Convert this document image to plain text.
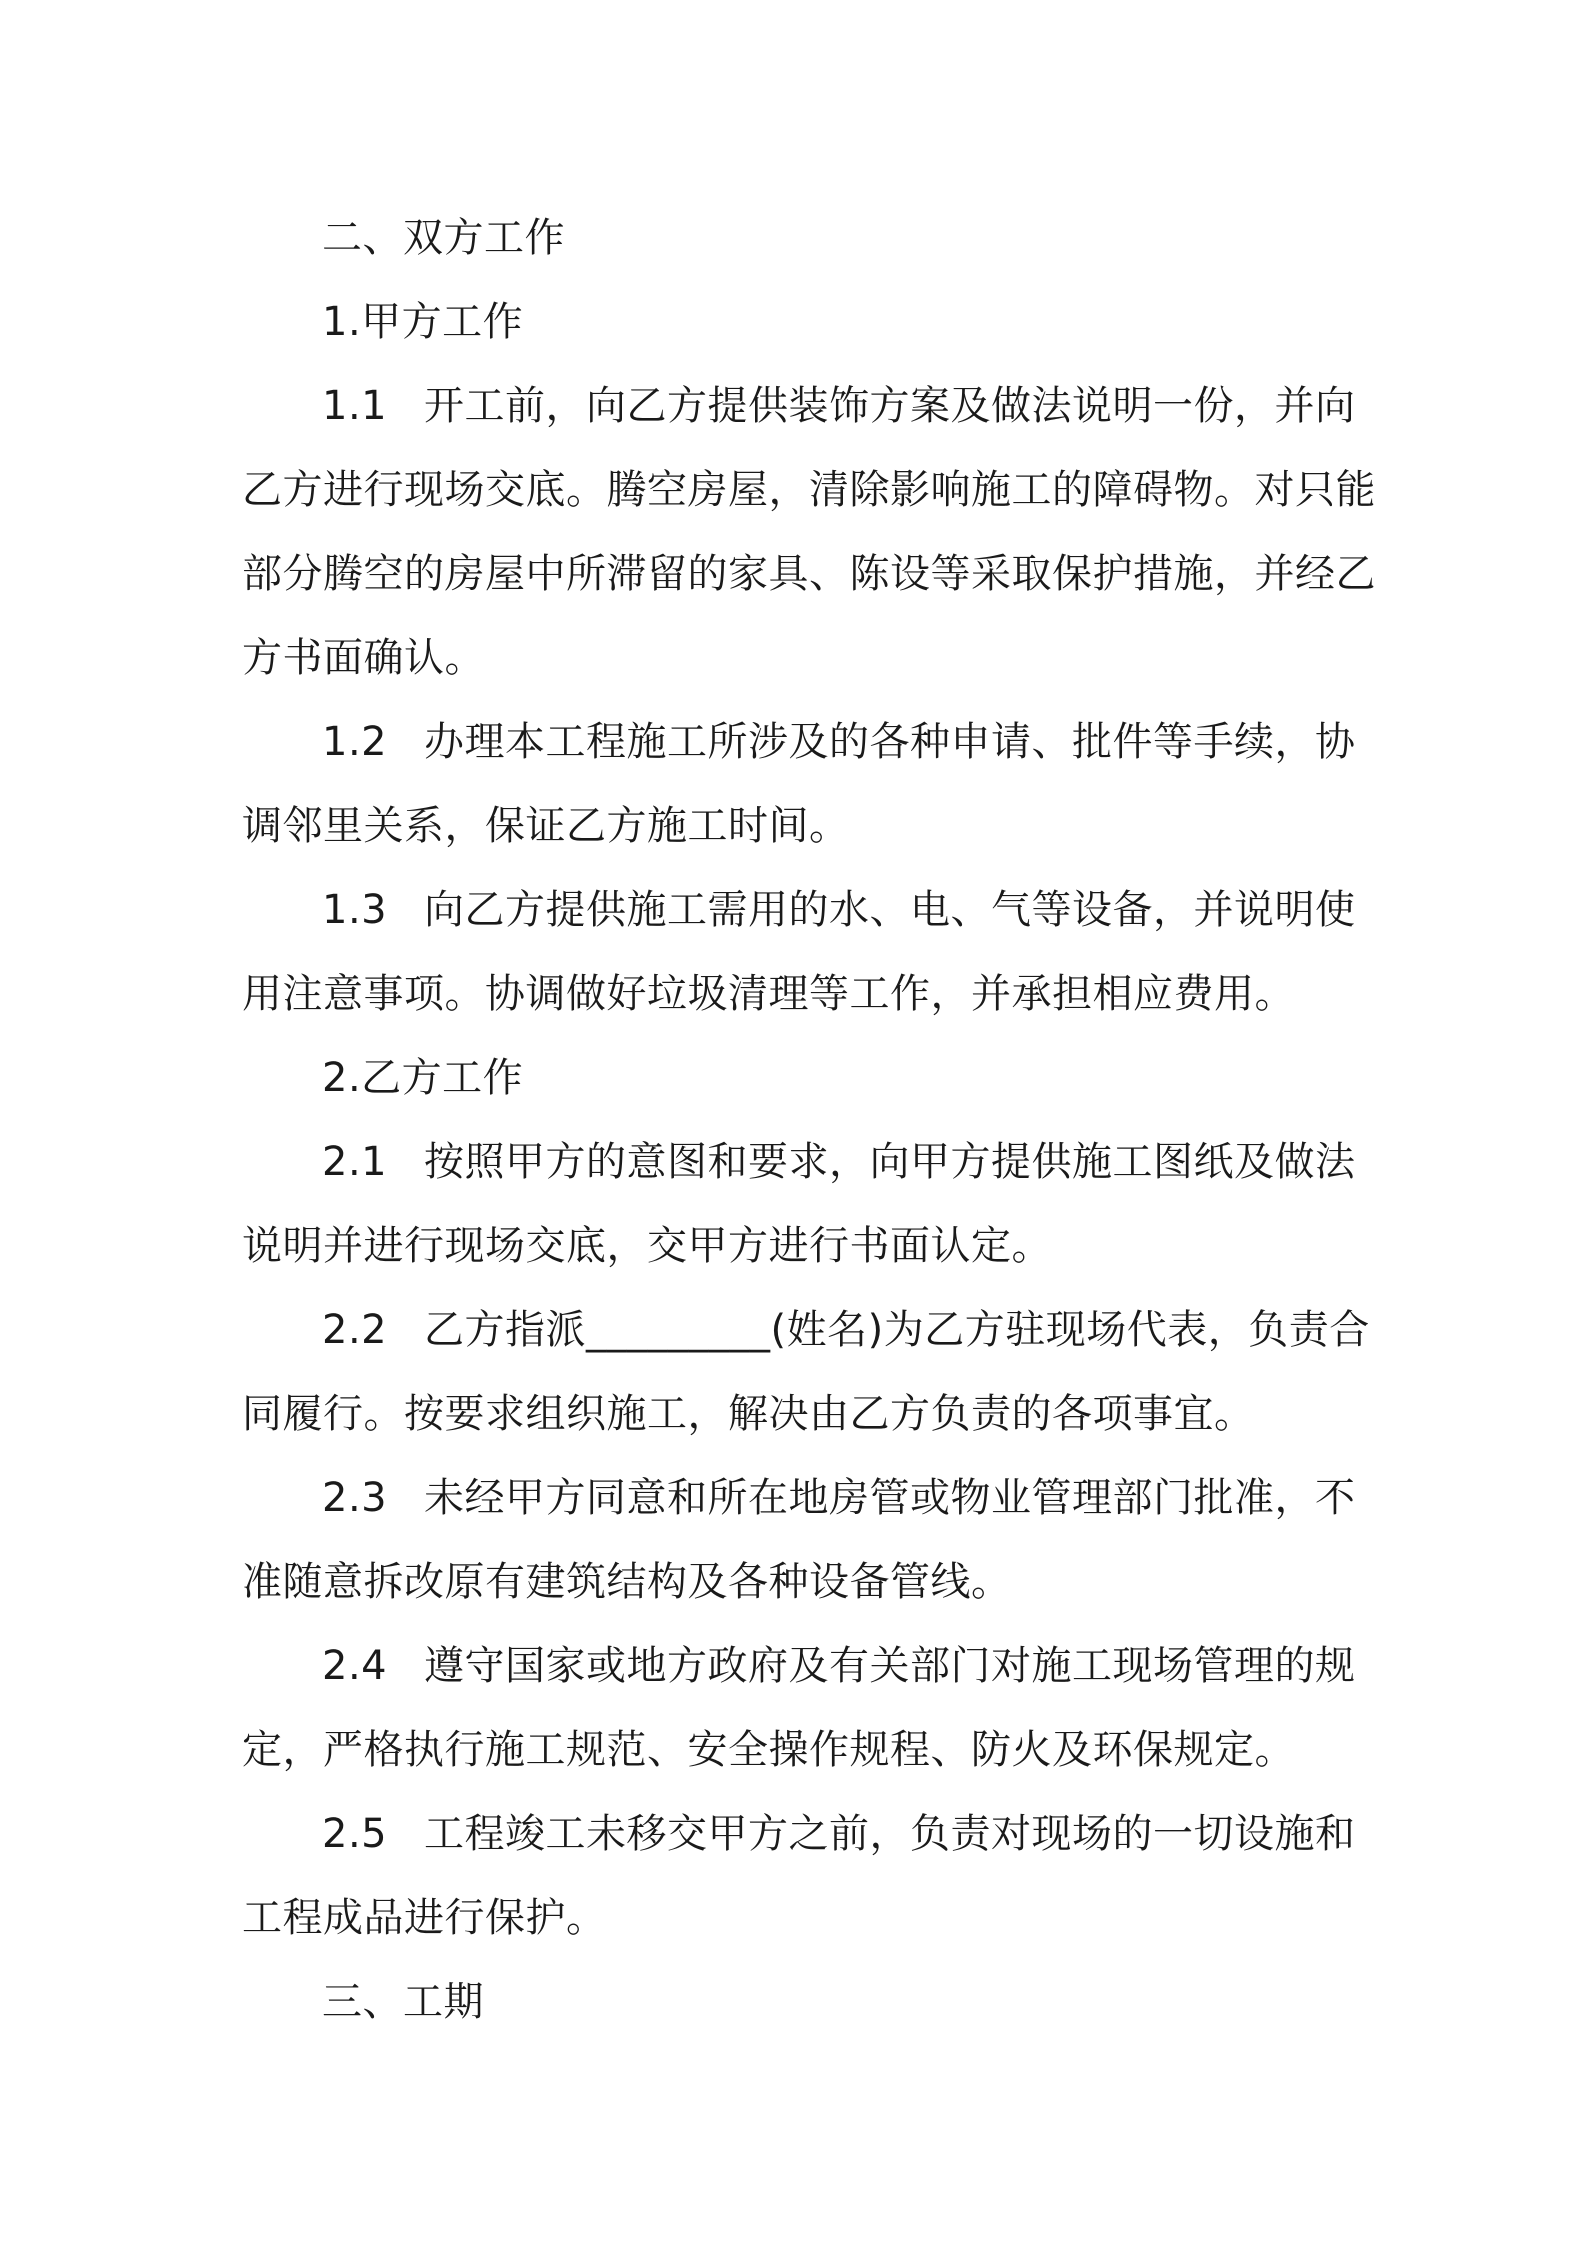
二、双方工作
1.甲方工作
1.1 开工前，向乙方提供装饰方案及做法说明一份，并向
乙方进行现场交底。腾空房屋，清除影响施工的障碍物。对只能
部分腾空的房屋中所滞留的家具、陈设等采取保护措施，并经乙
方书面确认。
1.2 办理本工程施工所涉及的各种申请、批件等手续，协
调邻里关系，保证乙方施工时间。
1.3 向乙方提供施工需用的水、电、气等设备，并说明使
用注意事项。协调做好垃圾清理等工作，并承担相应费用。
2.乙方工作
2.1 按照甲方的意图和要求，向甲方提供施工图纸及做法
说明并进行现场交底，交甲方进行书面认定。
2.2 乙方指派_________(姓名)为乙方驻现场代表，负责合
同履行。按要求组织施工，解决由乙方负责的各项事宜。
2.3 未经甲方同意和所在地房管或物业管理部门批准，不
准随意拆改原有建筑结构及各种设备管线。
2.4 遵守国家或地方政府及有关部门对施工现场管理的规
定，严格执行施工规范、安全操作规程、防火及环保规定。
2.5 工程竣工未移交甲方之前，负责对现场的一切设施和
工程成品进行保护。
三、工期
